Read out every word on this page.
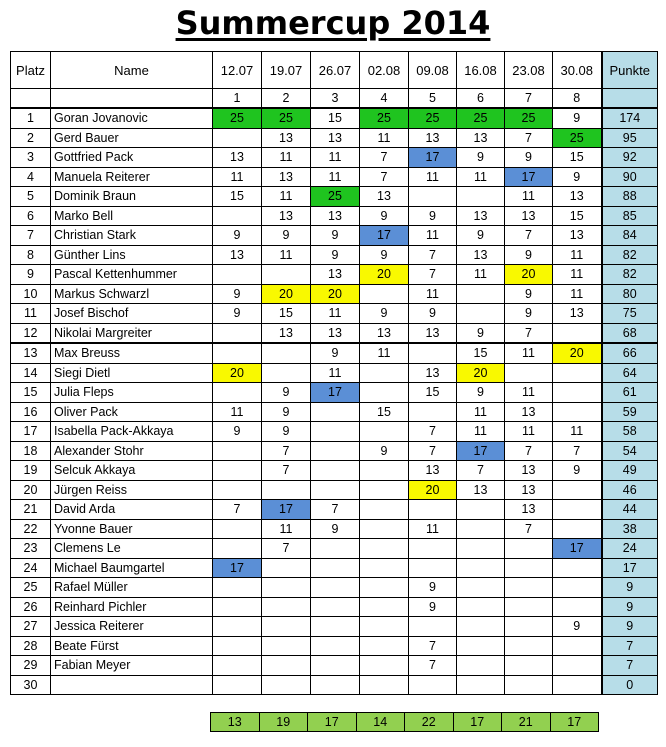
Summercup 2014
Platz	Name	12.07	19.07	26.07	02.08	09.08	16.08	23.08	30.08	Punkte
		1	2	3	4	5	6	7	8	
1	Goran Jovanovic	25	25	15	25	25	25	25	9	174
2	Gerd Bauer		13	13	11	13	13	7	25	95
3	Gottfried Pack	13	11	11	7	17	9	9	15	92
4	Manuela Reiterer	11	13	11	7	11	11	17	9	90
5	Dominik Braun	15	11	25	13			11	13	88
6	Marko Bell		13	13	9	9	13	13	15	85
7	Christian Stark	9	9	9	17	11	9	7	13	84
8	Günther Lins	13	11	9	9	7	13	9	11	82
9	Pascal Kettenhummer			13	20	7	11	20	11	82
10	Markus Schwarzl	9	20	20		11		9	11	80
11	Josef Bischof	9	15	11	9	9		9	13	75
12	Nikolai Margreiter		13	13	13	13	9	7		68
13	Max Breuss			9	11		15	11	20	66
14	Siegi Dietl	20		11		13	20			64
15	Julia Fleps		9	17		15	9	11		61
16	Oliver Pack	11	9		15		11	13		59
17	Isabella Pack-Akkaya	9	9			7	11	11	11	58
18	Alexander Stohr		7		9	7	17	7	7	54
19	Selcuk Akkaya		7			13	7	13	9	49
20	Jürgen Reiss					20	13	13		46
21	David Arda	7	17	7				13		44
22	Yvonne Bauer		11	9		11		7		38
23	Clemens Le		7						17	24
24	Michael Baumgartel	17								17
25	Rafael Müller					9				9
26	Reinhard Pichler					9				9
27	Jessica Reiterer								9	9
28	Beate Fürst					7				7
29	Fabian Meyer					7				7
30										0
13	19	17	14	22	17	21	17
